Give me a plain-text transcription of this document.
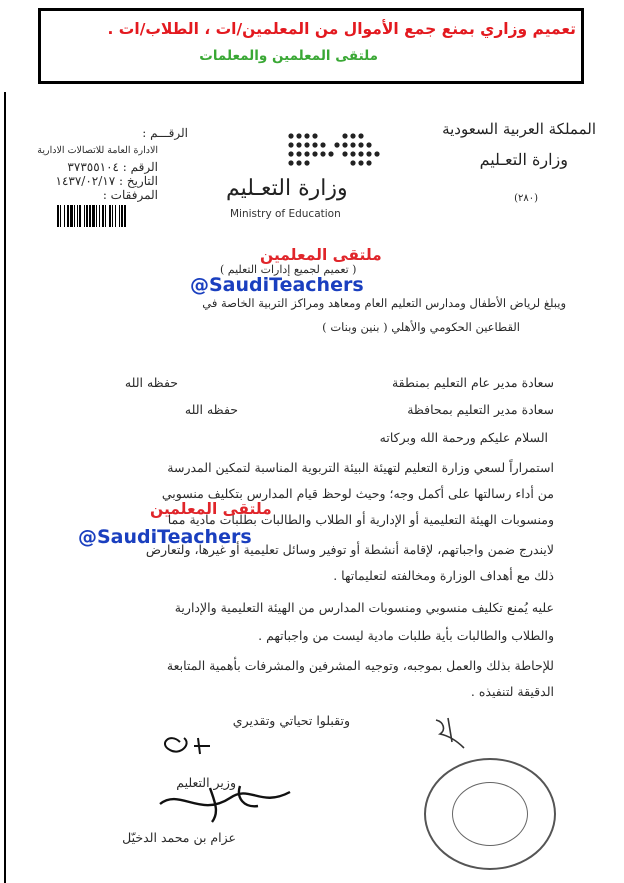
تعميم وزاري بمنع جمع الأموال من المعلمين/ات ، الطلاب/ات .
ملتقى المعلمين والمعلمات
المملكة العربية السعودية
وزارة التعـليم
(٢٨٠)
وزارة التعـليم
Ministry of Education
الرقـــم :
الادارة العامة للاتصالات الادارية
الرقم : ٣٧٣٥٥١٠٤
التاريخ : ١٤٣٧/٠٢/١٧
المرفقات :
ملتقى المعلمين
@SaudiTeachers
( تعميم لجميع إدارات التعليم )
ويبلغ لرياض الأطفال ومدارس التعليم العام ومعاهد ومراكز التربية الخاصة في
القطاعين الحكومي والأهلي ( بنين وبنات )
سعادة مدير عام التعليم بمنطقة
حفظه الله
سعادة مدير التعليم بمحافظة
حفظه الله
السلام عليكم ورحمة الله وبركاته
استمراراً لسعي وزارة التعليم لتهيئة البيئة التربوية المناسبة لتمكين المدرسة
من أداء رسالتها على أكمل وجه؛ وحيث لوحظ قيام المدارس بتكليف منسوبي
ومنسوبات الهيئة التعليمية أو الإدارية أو الطلاب والطالبات بطلبات مادية مما
لايندرج ضمن واجباتهم، لإقامة أنشطة أو توفير وسائل تعليمية أو غيرها، ولتعارض
ذلك مع أهداف الوزارة ومخالفته لتعليماتها .
ملتقى المعلمين
@SaudiTeachers
عليه يُمنع تكليف منسوبي ومنسوبات المدارس من الهيئة التعليمية والإدارية
والطلاب والطالبات بأية طلبات مادية ليست من واجباتهم .
للإحاطة بذلك والعمل بموجبه، وتوجيه المشرفين والمشرفات بأهمية المتابعة
الدقيقة لتنفيذه .
وتقبلوا تحياتي وتقديري
وزير التعليم
عزام بن محمد الدخيّل
